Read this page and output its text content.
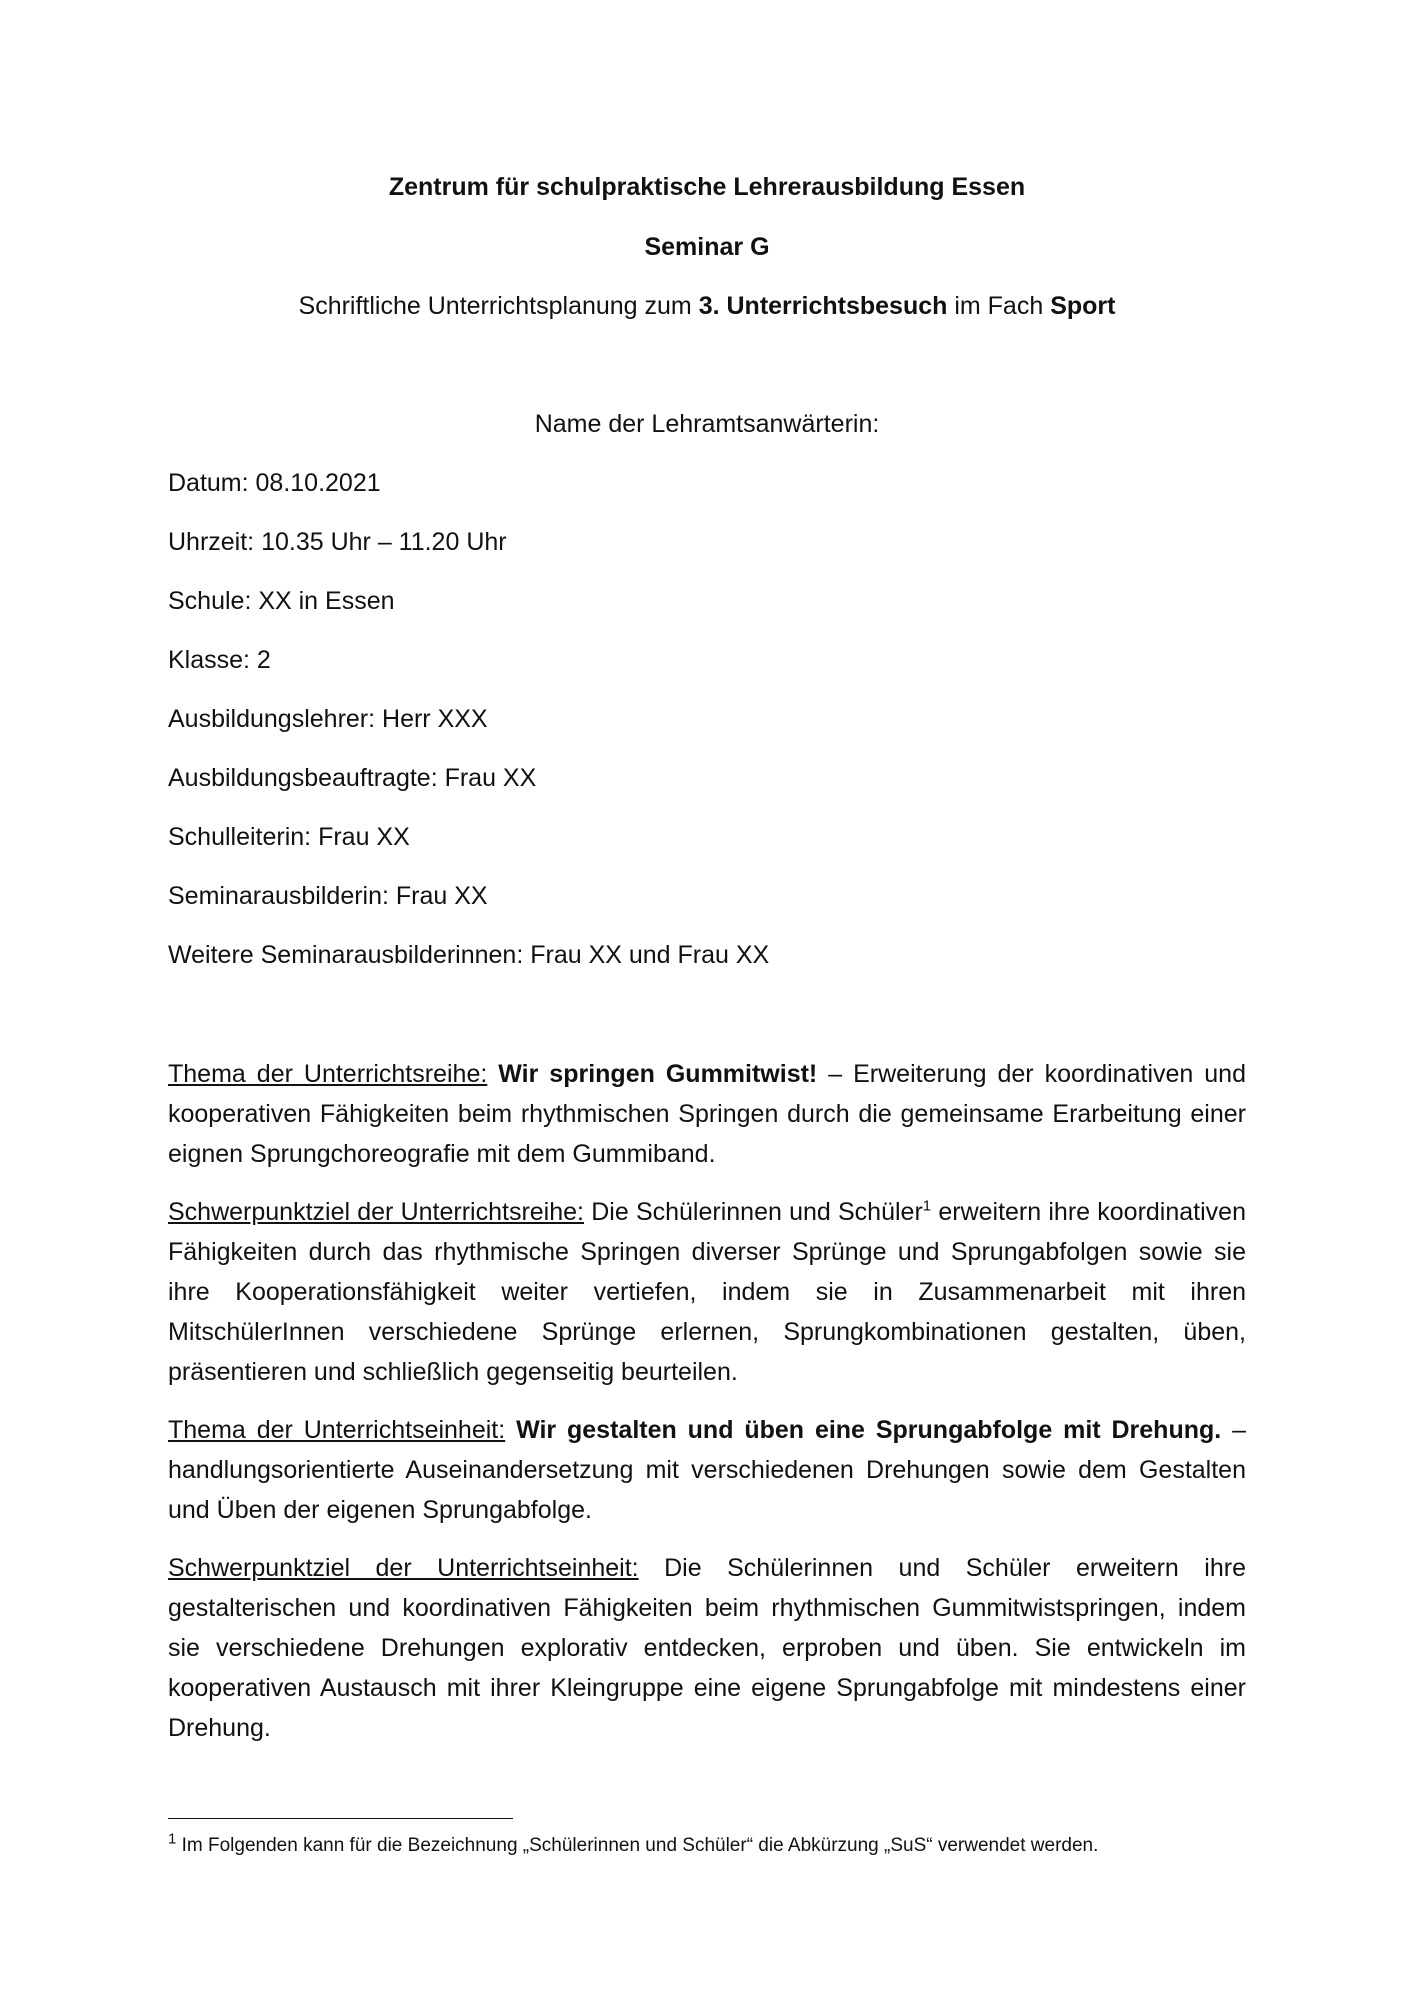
Zentrum für schulpraktische Lehrerausbildung Essen
Seminar G
Schriftliche Unterrichtsplanung zum 3. Unterrichtsbesuch im Fach Sport
Name der Lehramtsanwärterin:
Datum: 08.10.2021
Uhrzeit: 10.35 Uhr – 11.20 Uhr
Schule: XX in Essen
Klasse: 2
Ausbildungslehrer: Herr XXX
Ausbildungsbeauftragte: Frau XX
Schulleiterin: Frau XX
Seminarausbilderin: Frau XX
Weitere Seminarausbilderinnen: Frau XX und Frau XX
Thema der Unterrichtsreihe: Wir springen Gummitwist! – Erweiterung der koordinativen und kooperativen Fähigkeiten beim rhythmischen Springen durch die gemeinsame Erarbeitung einer eignen Sprungchoreografie mit dem Gummiband.
Schwerpunktziel der Unterrichtsreihe: Die Schülerinnen und Schüler$^1$ erweitern ihre koordinativen Fähigkeiten durch das rhythmische Springen diverser Sprünge und Sprungabfolgen sowie sie ihre Kooperationsfähigkeit weiter vertiefen, indem sie in Zusammenarbeit mit ihren MitschülerInnen verschiedene Sprünge erlernen, Sprungkombinationen gestalten, üben, präsentieren und schließlich gegenseitig beurteilen.
Thema der Unterrichtseinheit: Wir gestalten und üben eine Sprungabfolge mit Drehung. – handlungsorientierte Auseinandersetzung mit verschiedenen Drehungen sowie dem Gestalten und Üben der eigenen Sprungabfolge.
Schwerpunktziel der Unterrichtseinheit: Die Schülerinnen und Schüler erweitern ihre gestalterischen und koordinativen Fähigkeiten beim rhythmischen Gummitwistspringen, indem sie verschiedene Drehungen explorativ entdecken, erproben und üben. Sie entwickeln im kooperativen Austausch mit ihrer Kleingruppe eine eigene Sprungabfolge mit mindestens einer Drehung.
$^1$ Im Folgenden kann für die Bezeichnung „Schülerinnen und Schüler“ die Abkürzung „SuS“ verwendet werden.
